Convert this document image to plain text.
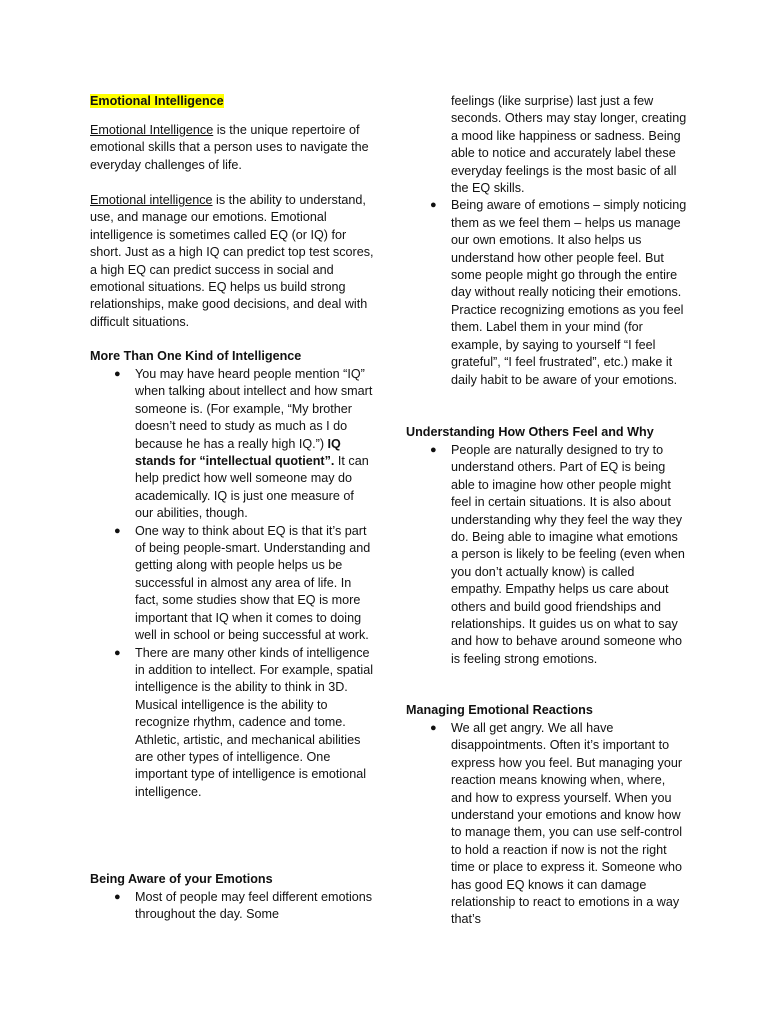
Emotional Intelligence

Emotional Intelligence is the unique repertoire of emotional skills that a person uses to navigate the everyday challenges of life.

Emotional intelligence is the ability to understand, use, and manage our emotions. Emotional intelligence is sometimes called EQ (or IQ) for short. Just as a high IQ can predict top test scores, a high EQ can predict success in social and emotional situations. EQ helps us build strong relationships, make good decisions, and deal with difficult situations.

More Than One Kind of Intelligence

● You may have heard people mention “IQ” when talking about intellect and how smart someone is. (For example, “My brother doesn’t need to study as much as I do because he has a really high IQ.”) IQ stands for “intellectual quotient”. It can help predict how well someone may do academically. IQ is just one measure of our abilities, though.
● One way to think about EQ is that it’s part of being people-smart. Understanding and getting along with people helps us be successful in almost any area of life. In fact, some studies show that EQ is more important that IQ when it comes to doing well in school or being successful at work.
● There are many other kinds of intelligence in addition to intellect. For example, spatial intelligence is the ability to think in 3D. Musical intelligence is the ability to recognize rhythm, cadence and tome. Athletic, artistic, and mechanical abilities are other types of intelligence. One important type of intelligence is emotional intelligence.

Being Aware of your Emotions

● Most of people may feel different emotions throughout the day. Some
feelings (like surprise) last just a few seconds. Others may stay longer, creating a mood like happiness or sadness. Being able to notice and accurately label these everyday feelings is the most basic of all the EQ skills.
● Being aware of emotions – simply noticing them as we feel them – helps us manage our own emotions. It also helps us understand how other people feel. But some people might go through the entire day without really noticing their emotions. Practice recognizing emotions as you feel them. Label them in your mind (for example, by saying to yourself “I feel grateful”, “I feel frustrated”, etc.) make it daily habit to be aware of your emotions.

Understanding How Others Feel and Why

● People are naturally designed to try to understand others. Part of EQ is being able to imagine how other people might feel in certain situations. It is also about understanding why they feel the way they do. Being able to imagine what emotions a person is likely to be feeling (even when you don’t actually know) is called empathy. Empathy helps us care about others and build good friendships and relationships. It guides us on what to say and how to behave around someone who is feeling strong emotions.

Managing Emotional Reactions

● We all get angry. We all have disappointments. Often it’s important to express how you feel. But managing your reaction means knowing when, where, and how to express yourself. When you understand your emotions and know how to manage them, you can use self-control to hold a reaction if now is not the right time or place to express it. Someone who has good EQ knows it can damage relationship to react to emotions in a way that’s
